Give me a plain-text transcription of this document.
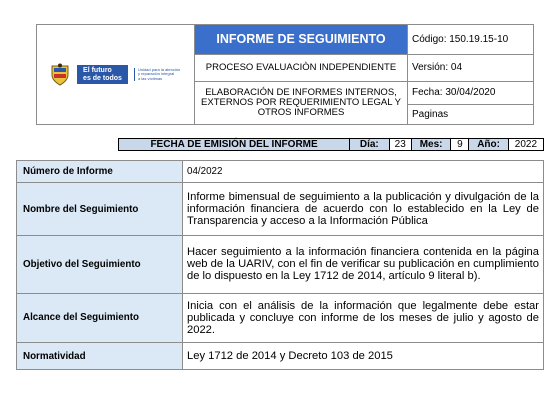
El futuro
es de todos
Unidad para la atención
y reparación integral
a las víctimas	INFORME DE SEGUIMIENTO	Código: 150.19.15-10
	PROCESO EVALUACIÒN INDEPENDIENTE	Versión: 04
	ELABORACIÓN DE INFORMES INTERNOS, EXTERNOS POR REQUERIMIENTO LEGAL Y OTROS INFORMES	Fecha: 30/04/2020
		Paginas
FECHA DE EMISIÓN DEL INFORME	Día:	23	Mes:	9	Año:	2022
Número de Informe	04/2022
Nombre del Seguimiento	Informe bimensual de seguimiento a la publicación y divulgación de la información financiera de acuerdo con lo establecido en la Ley de Transparencia y acceso a la Información Pública
Objetivo del Seguimiento	Hacer seguimiento a la información financiera contenida en la página web de la UARIV, con el fin de verificar su publicación en cumplimiento de lo dispuesto en la Ley 1712 de 2014, artículo 9 literal b).
Alcance del Seguimiento	Inicia con el análisis de la información que legalmente debe estar publicada y concluye con informe de los meses de julio y agosto de 2022.
Normatividad	Ley 1712 de 2014 y Decreto 103 de 2015
